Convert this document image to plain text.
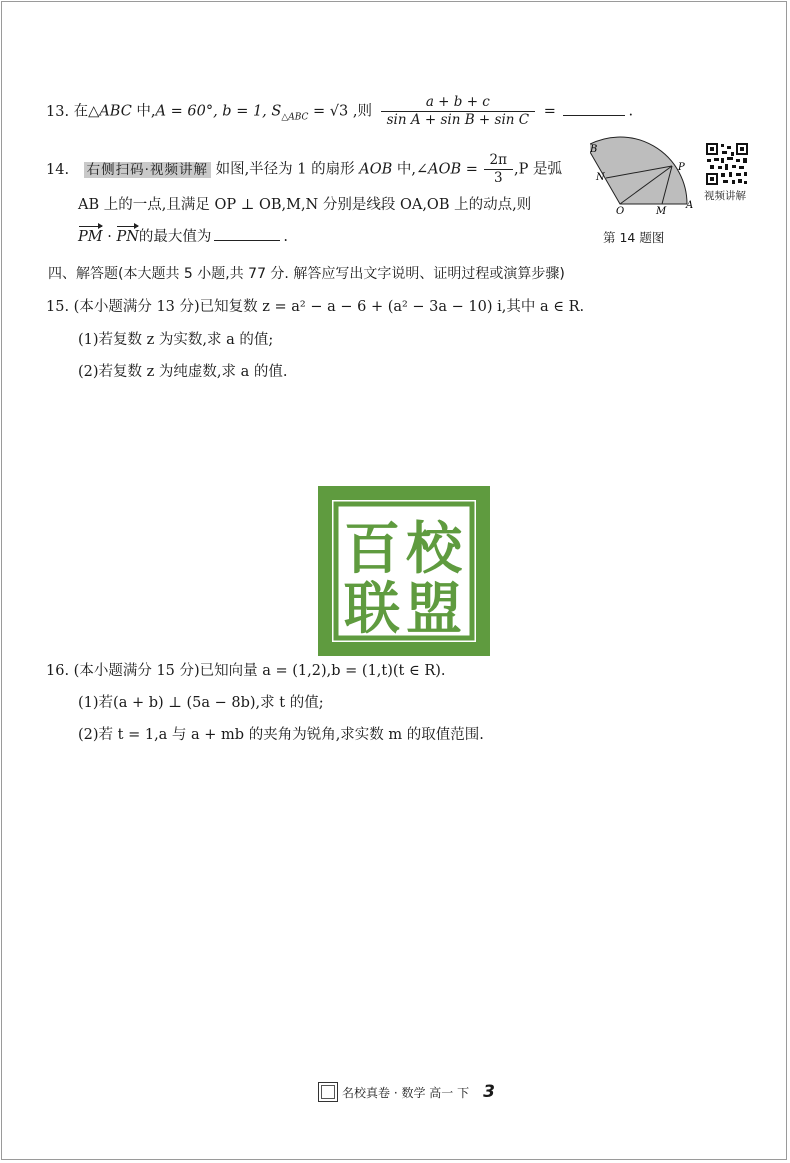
13. 在△ABC 中,A = 60°, b = 1, $S_{\triangle ABC} = √3$ ,则 $\frac{a + b + c}{\text{sin A + sin B + sin C}}$ =	.
14. 右侧扫码·视频讲解 如图,半径为 1 的扇形 AOB 中,∠AOB = $\frac{2\pi}{3} ,P$ 是弧
AB 上的一点,且满足 OP ⊥ OB,M,N 分别是线段 OA,OB 上的动点,则
PM · PN的最大值为	.
B
N
P
O	M
A
第 14 题图
视频讲解
四、解答题(本大题共 5 小题,共 77 分. 解答应写出文字说明、证明过程或演算步骤)
15. (本小题满分 13 分)已知复数 z = a² − a − 6 + (a² − 3a − 10) i,其中 a ∈ R.
(1)若复数 z 为实数,求 a 的值;
(2)若复数 z 为纯虚数,求 a 的值.
百 校
联 盟
16. (本小题满分 15 分)已知向量 a = (1,2),b = (1,t)(t ∈ R).
(1)若(a + b) ⊥ (5a − 8b),求 t 的值;
(2)若 t = 1,a 与 a + mb 的夹角为锐角,求实数 m 的取值范围.
名校真卷 · 数学 高一 下 3
